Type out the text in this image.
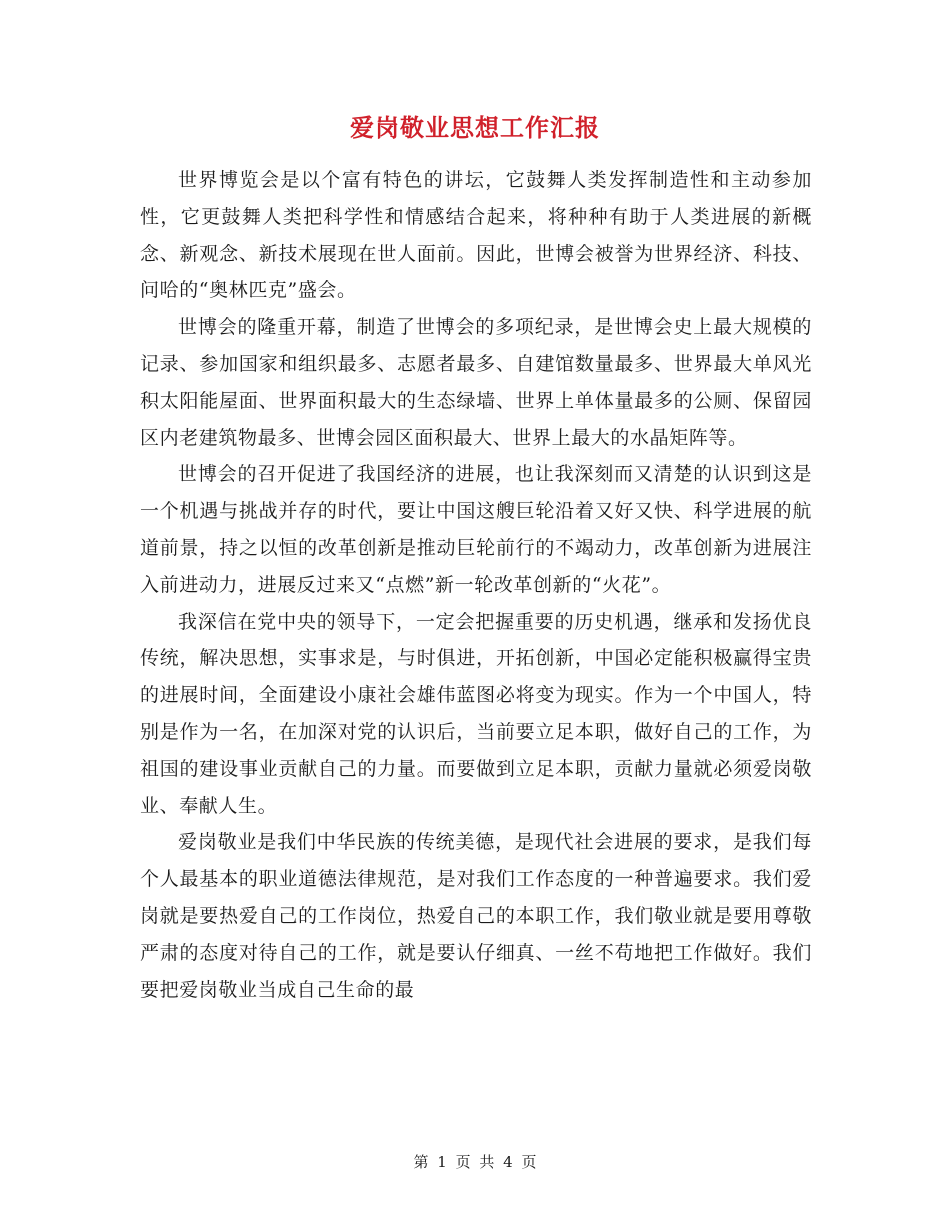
爱岗敬业思想工作汇报

世界博览会是以个富有特色的讲坛，它鼓舞人类发挥制造性和主动参加性，它更鼓舞人类把科学性和情感结合起来，将种种有助于人类进展的新概念、新观念、新技术展现在世人面前。因此，世博会被誉为世界经济、科技、问哈的“奥林匹克”盛会。

世博会的隆重开幕，制造了世博会的多项纪录，是世博会史上最大规模的记录、参加国家和组织最多、志愿者最多、自建馆数量最多、世界最大单风光积太阳能屋面、世界面积最大的生态绿墙、世界上单体量最多的公厕、保留园区内老建筑物最多、世博会园区面积最大、世界上最大的水晶矩阵等。

世博会的召开促进了我国经济的进展，也让我深刻而又清楚的认识到这是一个机遇与挑战并存的时代，要让中国这艘巨轮沿着又好又快、科学进展的航道前景，持之以恒的改革创新是推动巨轮前行的不竭动力，改革创新为进展注入前进动力，进展反过来又“点燃”新一轮改革创新的“火花”。

我深信在党中央的领导下，一定会把握重要的历史机遇，继承和发扬优良传统，解决思想，实事求是，与时俱进，开拓创新，中国必定能积极赢得宝贵的进展时间，全面建设小康社会雄伟蓝图必将变为现实。作为一个中国人，特别是作为一名，在加深对党的认识后，当前要立足本职，做好自己的工作，为祖国的建设事业贡献自己的力量。而要做到立足本职，贡献力量就必须爱岗敬业、奉献人生。

爱岗敬业是我们中华民族的传统美德，是现代社会进展的要求，是我们每个人最基本的职业道德法律规范，是对我们工作态度的一种普遍要求。我们爱岗就是要热爱自己的工作岗位，热爱自己的本职工作，我们敬业就是要用尊敬严肃的态度对待自己的工作，就是要认仔细真、一丝不苟地把工作做好。我们要把爱岗敬业当成自己生命的最

第 1 页 共 4 页
